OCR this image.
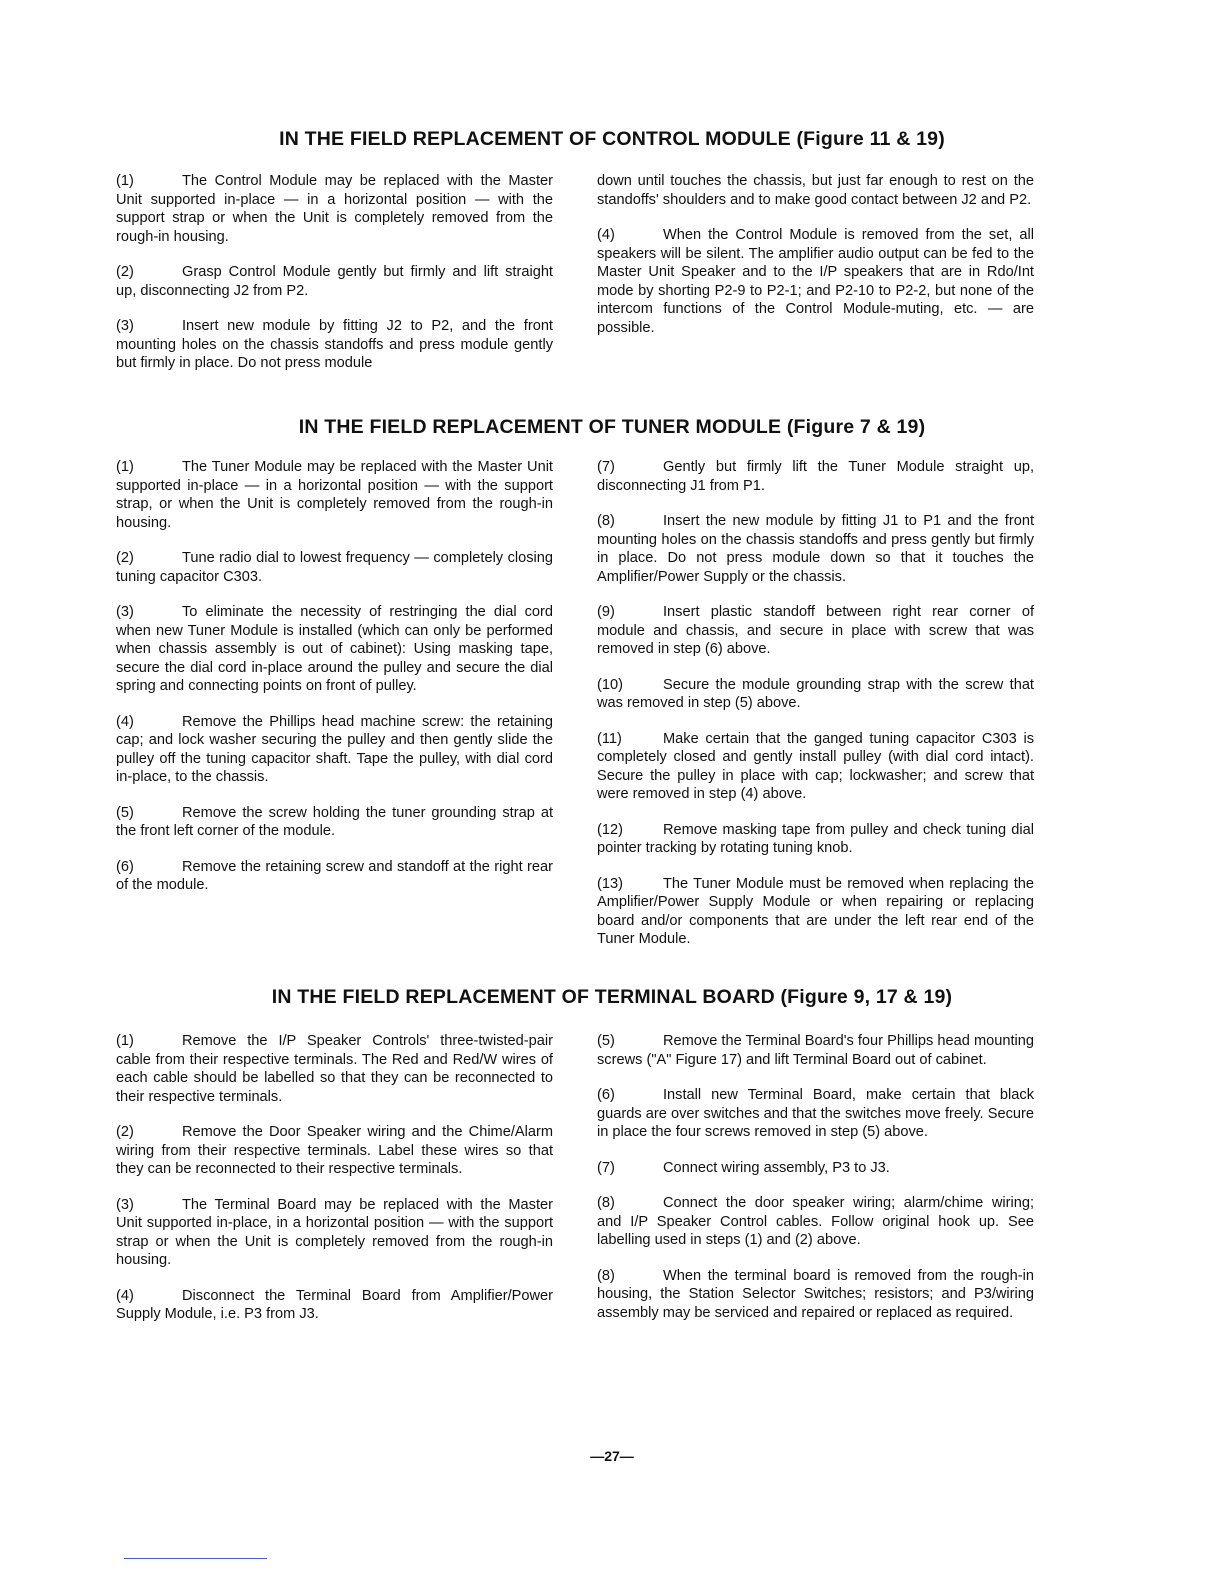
IN THE FIELD REPLACEMENT OF CONTROL MODULE (Figure 11 & 19)

(1)	The Control Module may be replaced with the Master Unit supported in-place — in a horizontal position — with the support strap or when the Unit is completely removed from the rough-in housing.

(2)	Grasp Control Module gently but firmly and lift straight up, disconnecting J2 from P2.

(3)	Insert new module by fitting J2 to P2, and the front mounting holes on the chassis standoffs and press module gently but firmly in place. Do not press module

down until touches the chassis, but just far enough to rest on the standoffs' shoulders and to make good contact between J2 and P2.

(4)	When the Control Module is removed from the set, all speakers will be silent. The amplifier audio output can be fed to the Master Unit Speaker and to the I/P speakers that are in Rdo/Int mode by shorting P2-9 to P2-1; and P2-10 to P2-2, but none of the intercom functions of the Control Module-muting, etc. — are possible.

IN THE FIELD REPLACEMENT OF TUNER MODULE (Figure 7 & 19)

(1)	The Tuner Module may be replaced with the Master Unit supported in-place — in a horizontal position — with the support strap, or when the Unit is completely removed from the rough-in housing.

(2)	Tune radio dial to lowest frequency — completely closing tuning capacitor C303.

(3)	To eliminate the necessity of restringing the dial cord when new Tuner Module is installed (which can only be performed when chassis assembly is out of cabinet): Using masking tape, secure the dial cord in-place around the pulley and secure the dial spring and connecting points on front of pulley.

(4)	Remove the Phillips head machine screw: the retaining cap; and lock washer securing the pulley and then gently slide the pulley off the tuning capacitor shaft. Tape the pulley, with dial cord in-place, to the chassis.

(5)	Remove the screw holding the tuner grounding strap at the front left corner of the module.

(6)	Remove the retaining screw and standoff at the right rear of the module.

(7)	Gently but firmly lift the Tuner Module straight up, disconnecting J1 from P1.

(8)	Insert the new module by fitting J1 to P1 and the front mounting holes on the chassis standoffs and press gently but firmly in place. Do not press module down so that it touches the Amplifier/Power Supply or the chassis.

(9)	Insert plastic standoff between right rear corner of module and chassis, and secure in place with screw that was removed in step (6) above.

(10)	Secure the module grounding strap with the screw that was removed in step (5) above.

(11)	Make certain that the ganged tuning capacitor C303 is completely closed and gently install pulley (with dial cord intact). Secure the pulley in place with cap; lockwasher; and screw that were removed in step (4) above.

(12)	Remove masking tape from pulley and check tuning dial pointer tracking by rotating tuning knob.

(13)	The Tuner Module must be removed when replacing the Amplifier/Power Supply Module or when repairing or replacing board and/or components that are under the left rear end of the Tuner Module.

IN THE FIELD REPLACEMENT OF TERMINAL BOARD (Figure 9, 17 & 19)

(1)	Remove the I/P Speaker Controls' three-twisted-pair cable from their respective terminals. The Red and Red/W wires of each cable should be labelled so that they can be reconnected to their respective terminals.

(2)	Remove the Door Speaker wiring and the Chime/Alarm wiring from their respective terminals. Label these wires so that they can be reconnected to their respective terminals.

(3)	The Terminal Board may be replaced with the Master Unit supported in-place, in a horizontal position — with the support strap or when the Unit is completely removed from the rough-in housing.

(4)	Disconnect the Terminal Board from Amplifier/Power Supply Module, i.e. P3 from J3.

(5)	Remove the Terminal Board's four Phillips head mounting screws ("A" Figure 17) and lift Terminal Board out of cabinet.

(6)	Install new Terminal Board, make certain that black guards are over switches and that the switches move freely. Secure in place the four screws removed in step (5) above.

(7)	Connect wiring assembly, P3 to J3.

(8)	Connect the door speaker wiring; alarm/chime wiring; and I/P Speaker Control cables. Follow original hook up. See labelling used in steps (1) and (2) above.

(8)	When the terminal board is removed from the rough-in housing, the Station Selector Switches; resistors; and P3/wiring assembly may be serviced and repaired or replaced as required.

—27—
